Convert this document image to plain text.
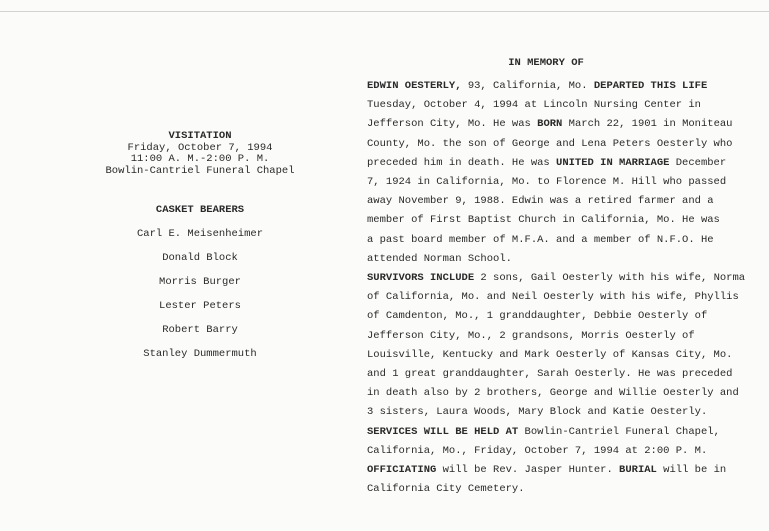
VISITATION
Friday, October 7, 1994
11:00 A. M.-2:00 P. M.
Bowlin-Cantriel Funeral Chapel
CASKET BEARERS
Carl E. Meisenheimer
Donald Block
Morris Burger
Lester Peters
Robert Barry
Stanley Dummermuth
IN MEMORY OF

EDWIN OESTERLY, 93, California, Mo. DEPARTED THIS LIFE

Tuesday, October 4, 1994 at Lincoln Nursing Center in

Jefferson City, Mo. He was BORN March 22, 1901 in Moniteau

County, Mo. the son of George and Lena Peters Oesterly who

preceded him in death. He was UNITED IN MARRIAGE December

7, 1924 in California, Mo. to Florence M. Hill who passed

away November 9, 1988. Edwin was a retired farmer and a

member of First Baptist Church in California, Mo. He was

a past board member of M.F.A. and a member of N.F.O. He

attended Norman School.

SURVIVORS INCLUDE 2 sons, Gail Oesterly with his wife, Norma

of California, Mo. and Neil Oesterly with his wife, Phyllis

of Camdenton, Mo., 1 granddaughter, Debbie Oesterly of

Jefferson City, Mo., 2 grandsons, Morris Oesterly of

Louisville, Kentucky and Mark Oesterly of Kansas City, Mo.

and 1 great granddaughter, Sarah Oesterly. He was preceded

in death also by 2 brothers, George and Willie Oesterly and

3 sisters, Laura Woods, Mary Block and Katie Oesterly.

SERVICES WILL BE HELD AT Bowlin-Cantriel Funeral Chapel,

California, Mo., Friday, October 7, 1994 at 2:00 P. M.

OFFICIATING will be Rev. Jasper Hunter. BURIAL will be in

California City Cemetery.
